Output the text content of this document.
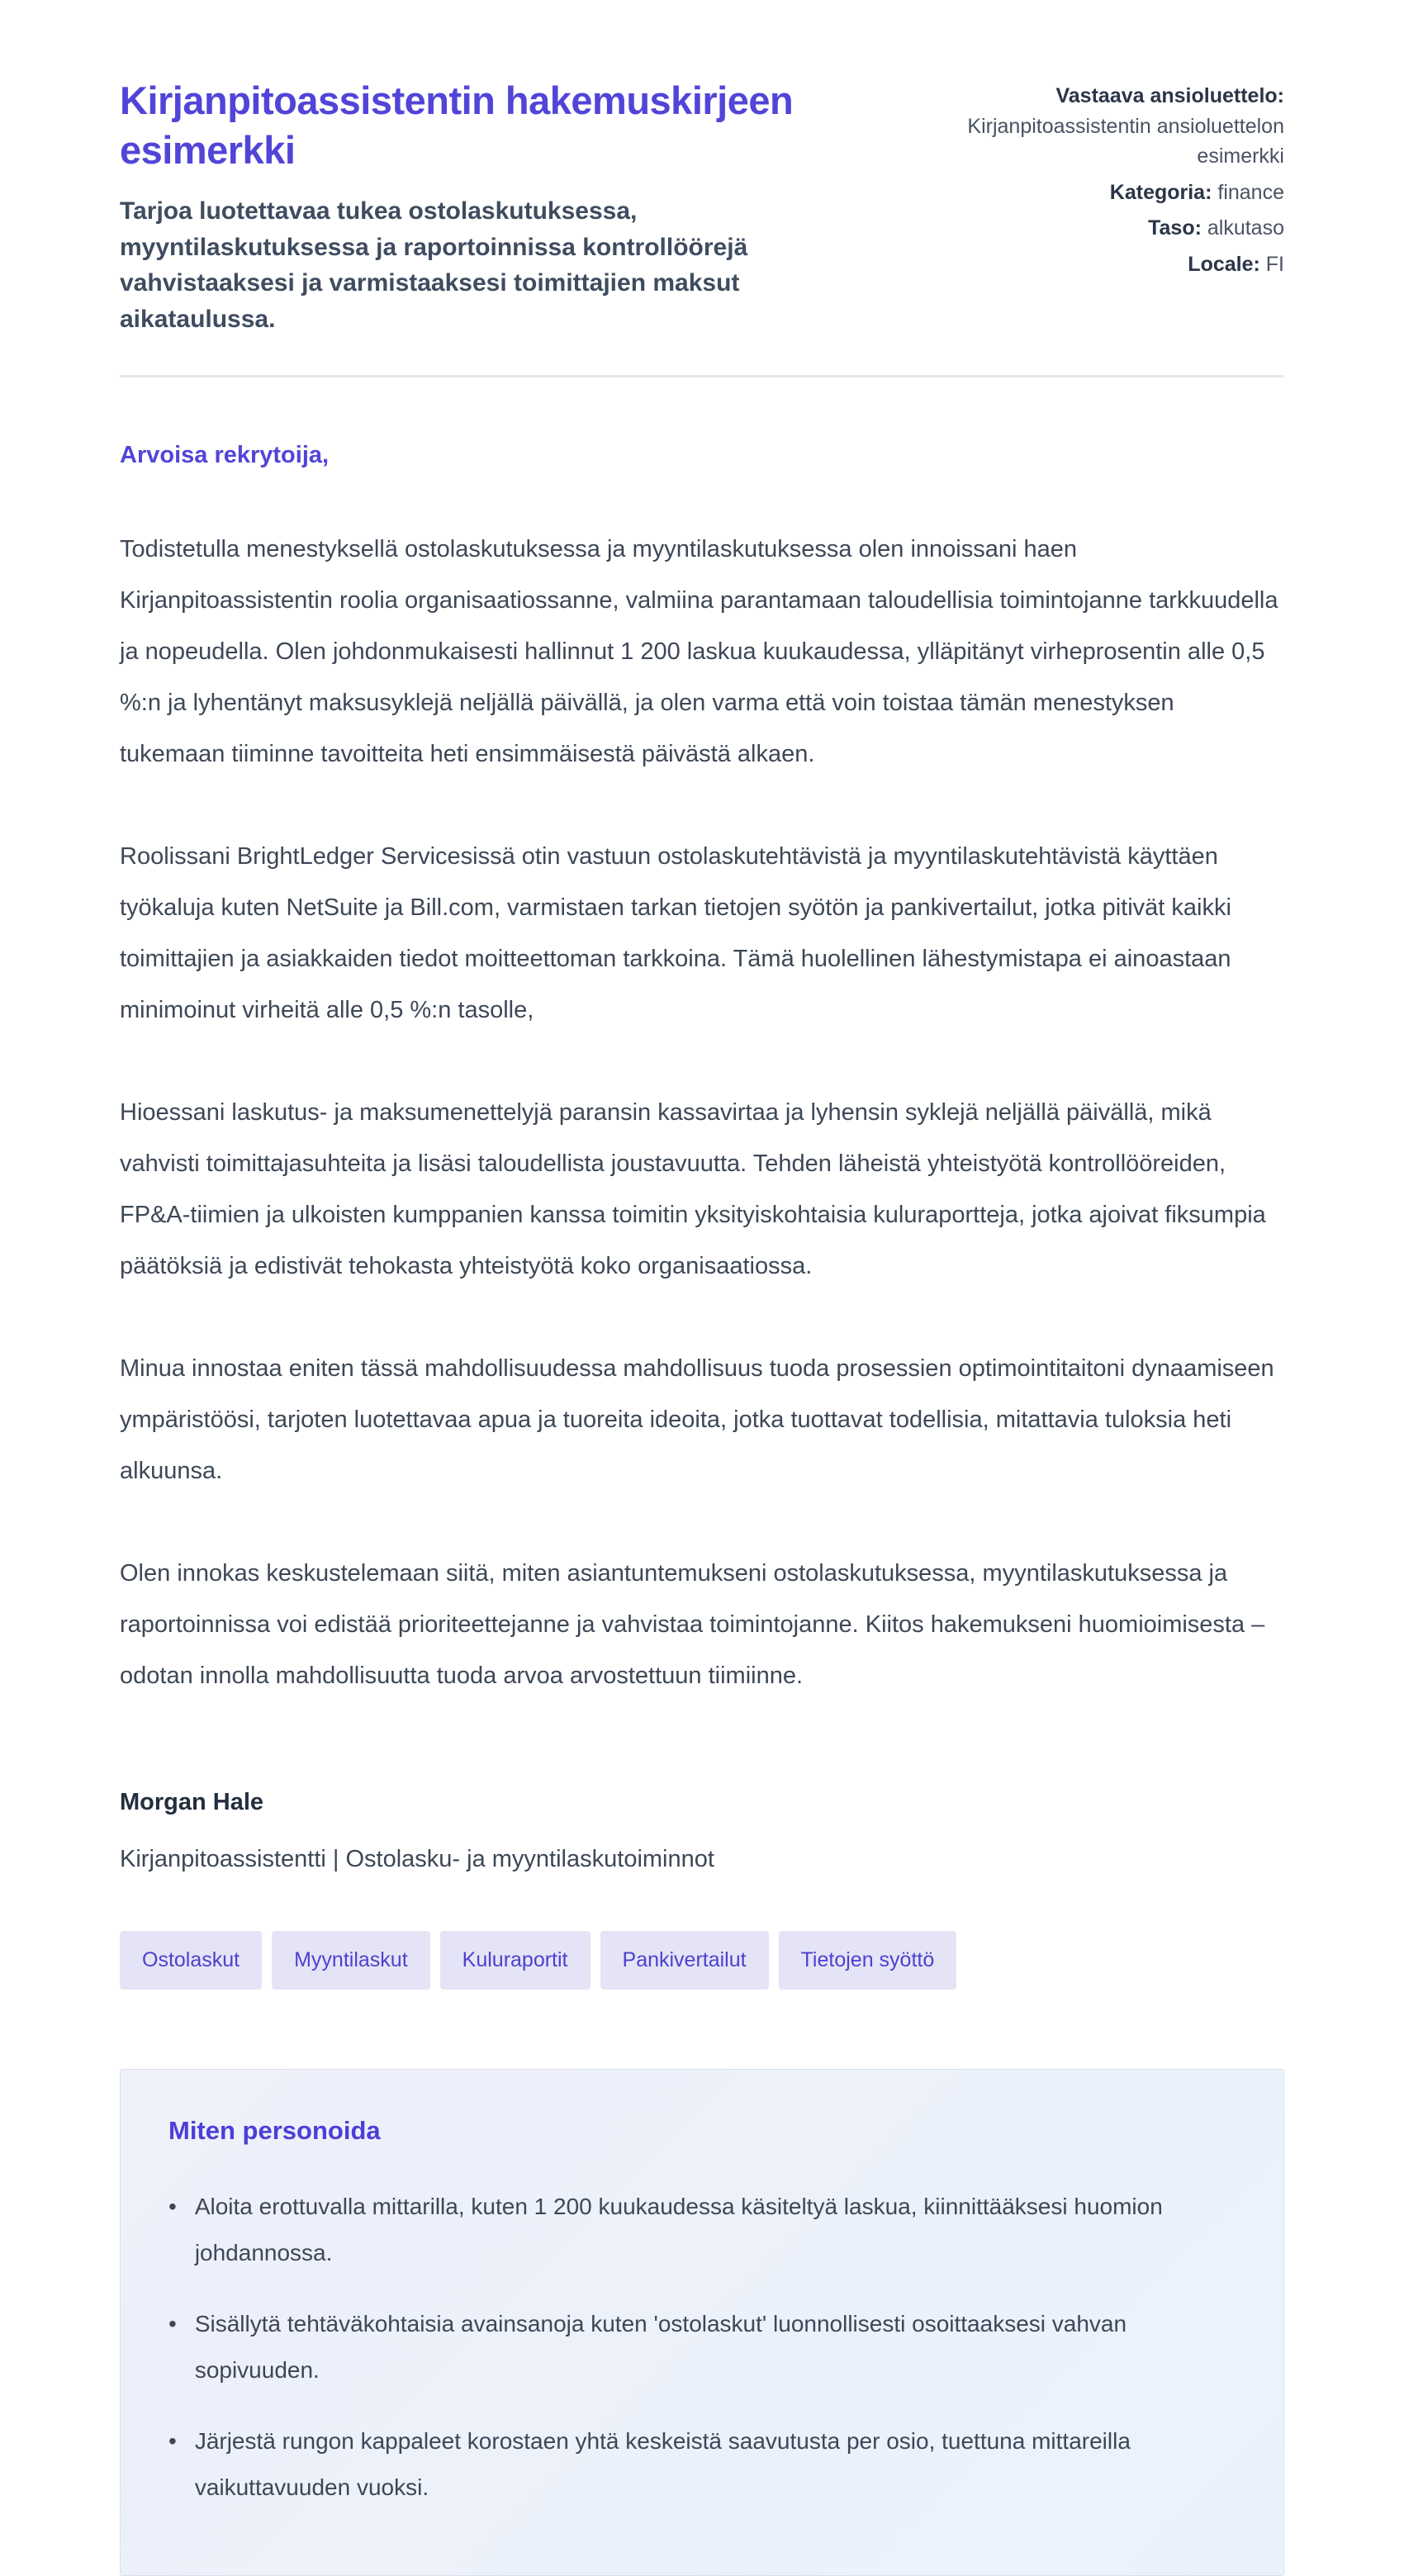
Kirjanpitoassistentin hakemuskirjeen esimerkki
Tarjoa luotettavaa tukea ostolaskutuksessa, myyntilaskutuksessa ja raportoinnissa kontrollöörejä vahvistaaksesi ja varmistaaksesi toimittajien maksut aikataulussa.
Vastaava ansioluettelo:
Kirjanpitoassistentin ansioluettelon esimerkki
Kategoria: finance
Taso: alkutaso
Locale: FI
Arvoisa rekrytoija,

Todistetulla menestyksellä ostolaskutuksessa ja myyntilaskutuksessa olen innoissani haen Kirjanpitoassistentin roolia organisaatiossanne, valmiina parantamaan taloudellisia toimintojanne tarkkuudella ja nopeudella. Olen johdonmukaisesti hallinnut 1 200 laskua kuukaudessa, ylläpitänyt virheprosentin alle 0,5 %:n ja lyhentänyt maksusyklejä neljällä päivällä, ja olen varma että voin toistaa tämän menestyksen tukemaan tiiminne tavoitteita heti ensimmäisestä päivästä alkaen.

Roolissani BrightLedger Servicesissä otin vastuun ostolaskutehtävistä ja myyntilaskutehtävistä käyttäen työkaluja kuten NetSuite ja Bill.com, varmistaen tarkan tietojen syötön ja pankivertailut, jotka pitivät kaikki toimittajien ja asiakkaiden tiedot moitteettoman tarkkoina. Tämä huolellinen lähestymistapa ei ainoastaan minimoinut virheitä alle 0,5 %:n tasolle,

Hioessani laskutus- ja maksumenettelyjä paransin kassavirtaa ja lyhensin syklejä neljällä päivällä, mikä vahvisti toimittajasuhteita ja lisäsi taloudellista joustavuutta. Tehden läheistä yhteistyötä kontrollööreiden, FP&A-tiimien ja ulkoisten kumppanien kanssa toimitin yksityiskohtaisia kuluraportteja, jotka ajoivat fiksumpia päätöksiä ja edistivät tehokasta yhteistyötä koko organisaatiossa.

Minua innostaa eniten tässä mahdollisuudessa mahdollisuus tuoda prosessien optimointitaitoni dynaamiseen ympäristöösi, tarjoten luotettavaa apua ja tuoreita ideoita, jotka tuottavat todellisia, mitattavia tuloksia heti alkuunsa.

Olen innokas keskustelemaan siitä, miten asiantuntemukseni ostolaskutuksessa, myyntilaskutuksessa ja raportoinnissa voi edistää prioriteettejanne ja vahvistaa toimintojanne. Kiitos hakemukseni huomioimisesta – odotan innolla mahdollisuutta tuoda arvoa arvostettuun tiimiinne.

Morgan Hale
Kirjanpitoassistentti | Ostolasku- ja myyntilaskutoiminnot
Ostolaskut	Myyntilaskut	Kuluraportit	Pankivertailut	Tietojen syöttö
Miten personoida
• Aloita erottuvalla mittarilla, kuten 1 200 kuukaudessa käsiteltyä laskua, kiinnittääksesi huomion johdannossa.
• Sisällytä tehtäväkohtaisia avainsanoja kuten 'ostolaskut' luonnollisesti osoittaaksesi vahvan sopivuuden.
• Järjestä rungon kappaleet korostaen yhtä keskeistä saavutusta per osio, tuettuna mittareilla vaikuttavuuden vuoksi.
